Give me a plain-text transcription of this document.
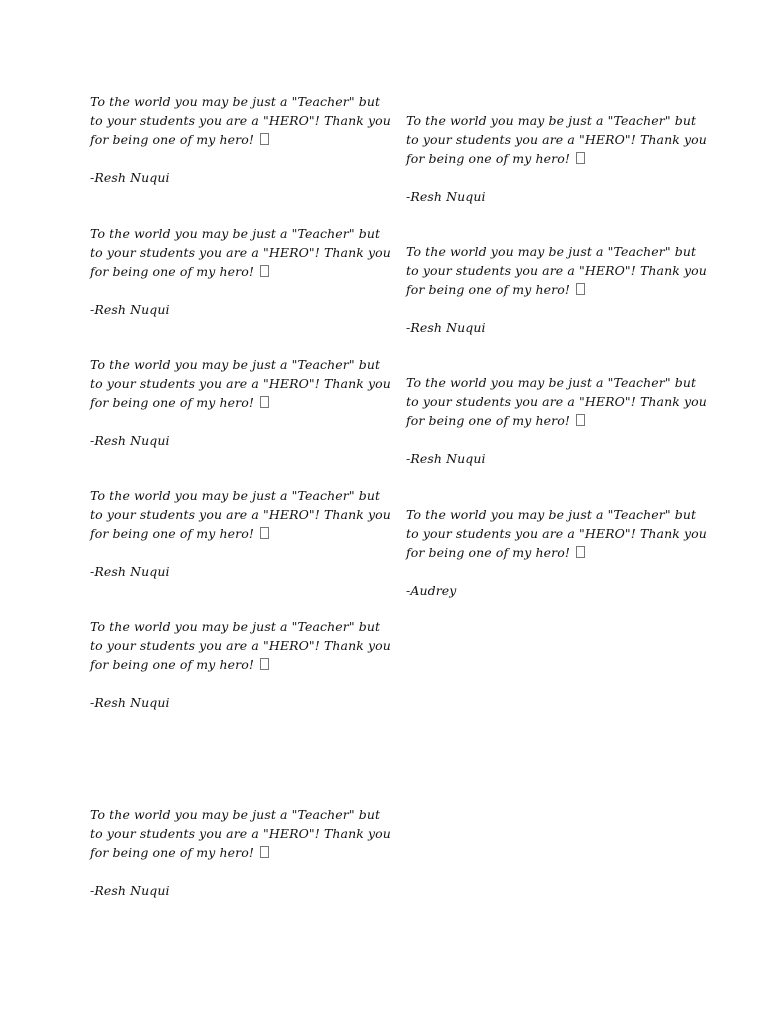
To the world you may be just a "Teacher" but
to your students you are a "HERO"! Thank you
for being one of my hero!

-Resh Nuqui

To the world you may be just a "Teacher" but
to your students you are a "HERO"! Thank you
for being one of my hero!

-Resh Nuqui

To the world you may be just a "Teacher" but
to your students you are a "HERO"! Thank you
for being one of my hero!

-Resh Nuqui

To the world you may be just a "Teacher" but
to your students you are a "HERO"! Thank you
for being one of my hero!

-Resh Nuqui

To the world you may be just a "Teacher" but
to your students you are a "HERO"! Thank you
for being one of my hero!

-Resh Nuqui

To the world you may be just a "Teacher" but
to your students you are a "HERO"! Thank you
for being one of my hero!

-Resh Nuqui

To the world you may be just a "Teacher" but
to your students you are a "HERO"! Thank you
for being one of my hero!

-Resh Nuqui

To the world you may be just a "Teacher" but
to your students you are a "HERO"! Thank you
for being one of my hero!

-Resh Nuqui

To the world you may be just a "Teacher" but
to your students you are a "HERO"! Thank you
for being one of my hero!

-Resh Nuqui

To the world you may be just a "Teacher" but
to your students you are a "HERO"! Thank you
for being one of my hero!

-Audrey
